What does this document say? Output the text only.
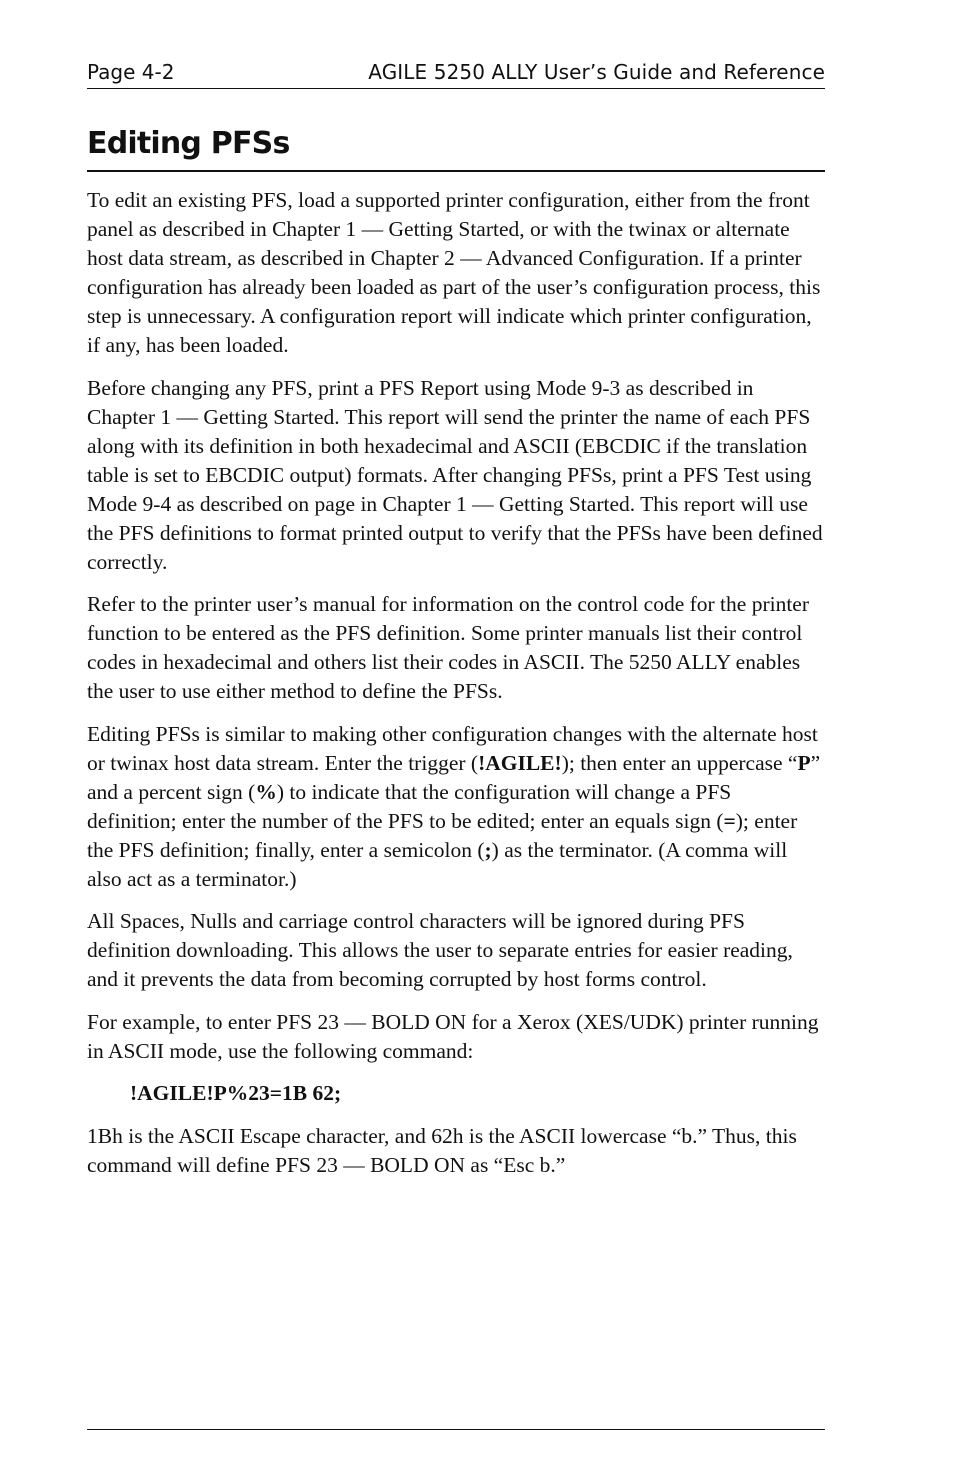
Page 4-2	AGILE 5250 ALLY User’s Guide and Reference
Editing PFSs

To edit an existing PFS, load a supported printer configuration, either from the front panel as described in Chapter 1 — Getting Started, or with the twinax or alternate host data stream, as described in Chapter 2 — Advanced Configuration. If a printer configuration has already been loaded as part of the user’s configuration process, this step is unnecessary. A configuration report will indicate which printer configuration, if any, has been loaded.

Before changing any PFS, print a PFS Report using Mode 9-3 as described in Chapter 1 — Getting Started. This report will send the printer the name of each PFS along with its definition in both hexadecimal and ASCII (EBCDIC if the translation table is set to EBCDIC output) formats. After changing PFSs, print a PFS Test using Mode 9-4 as described on page in Chapter 1 — Getting Started. This report will use the PFS definitions to format printed output to verify that the PFSs have been defined correctly.

Refer to the printer user’s manual for information on the control code for the printer function to be entered as the PFS definition. Some printer manuals list their control codes in hexadecimal and others list their codes in ASCII. The 5250 ALLY enables the user to use either method to define the PFSs.

Editing PFSs is similar to making other configuration changes with the alternate host or twinax host data stream. Enter the trigger (!AGILE!); then enter an uppercase “P” and a percent sign (%) to indicate that the configuration will change a PFS definition; enter the number of the PFS to be edited; enter an equals sign (=); enter the PFS definition; finally, enter a semicolon (;) as the terminator. (A comma will also act as a terminator.)

All Spaces, Nulls and carriage control characters will be ignored during PFS definition downloading. This allows the user to separate entries for easier reading, and it prevents the data from becoming corrupted by host forms control.

For example, to enter PFS 23 — BOLD ON for a Xerox (XES/UDK) printer running in ASCII mode, use the following command:

!AGILE!P%23=1B 62;

1Bh is the ASCII Escape character, and 62h is the ASCII lowercase “b.” Thus, this command will define PFS 23 — BOLD ON as “Esc b.”
